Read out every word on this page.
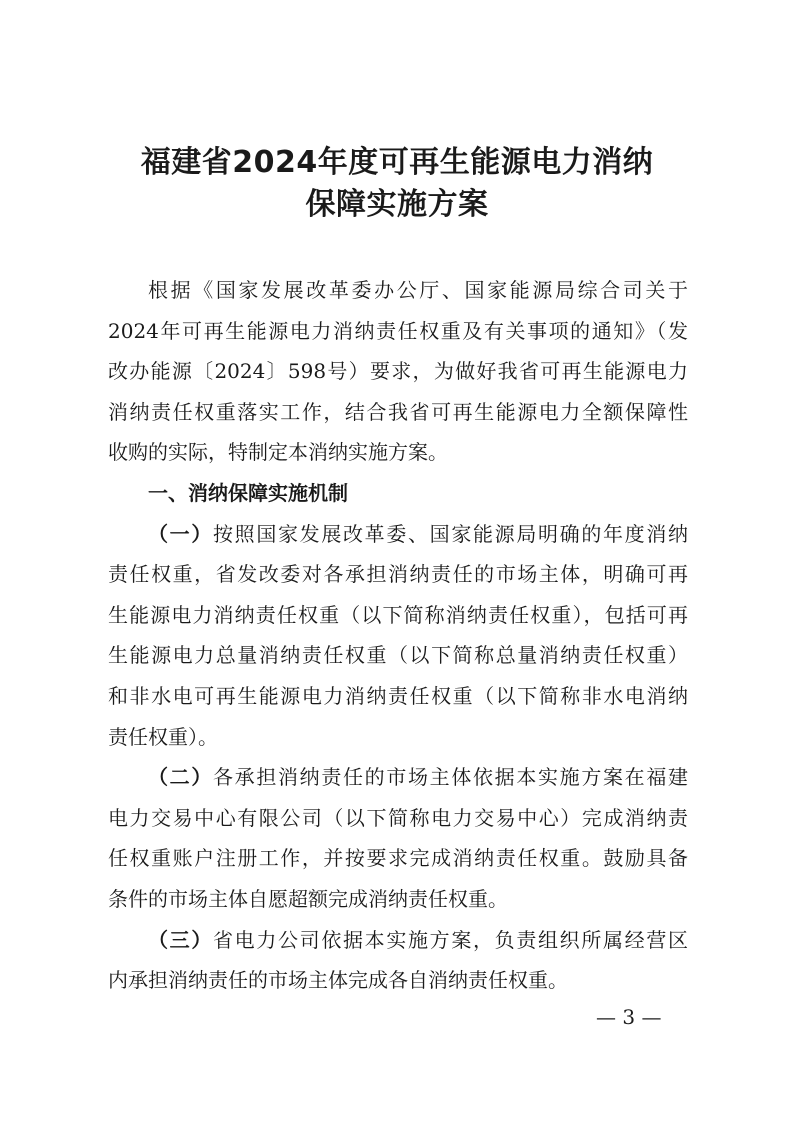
福建省2024年度可再生能源电力消纳
保障实施方案
根据《国家发展改革委办公厅、国家能源局综合司关于
2024年可再生能源电力消纳责任权重及有关事项的通知》（发
改办能源〔2024〕598号）要求，为做好我省可再生能源电力
消纳责任权重落实工作，结合我省可再生能源电力全额保障性
收购的实际，特制定本消纳实施方案。
一、消纳保障实施机制
（一）按照国家发展改革委、国家能源局明确的年度消纳
责任权重，省发改委对各承担消纳责任的市场主体，明确可再
生能源电力消纳责任权重（以下简称消纳责任权重），包括可再
生能源电力总量消纳责任权重（以下简称总量消纳责任权重）
和非水电可再生能源电力消纳责任权重（以下简称非水电消纳
责任权重）。
（二）各承担消纳责任的市场主体依据本实施方案在福建
电力交易中心有限公司（以下简称电力交易中心）完成消纳责
任权重账户注册工作，并按要求完成消纳责任权重。鼓励具备
条件的市场主体自愿超额完成消纳责任权重。
（三）省电力公司依据本实施方案，负责组织所属经营区
内承担消纳责任的市场主体完成各自消纳责任权重。
— 3 —
